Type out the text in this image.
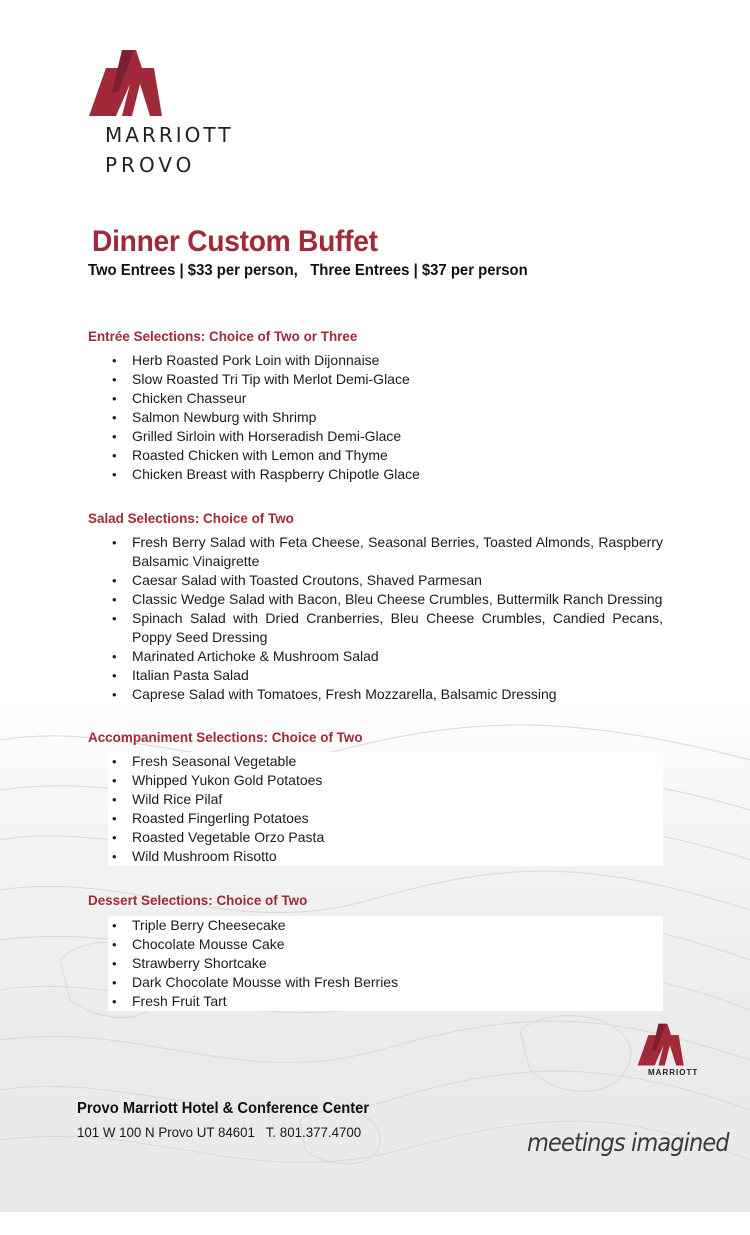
MARRIOTT
PROVO
Dinner Custom Buffet
Two Entrees | $33 per person,   Three Entrees | $37 per person
Entrée Selections: Choice of Two or Three
• Herb Roasted Pork Loin with Dijonnaise
• Slow Roasted Tri Tip with Merlot Demi-Glace
• Chicken Chasseur
• Salmon Newburg with Shrimp
• Grilled Sirloin with Horseradish Demi-Glace
• Roasted Chicken with Lemon and Thyme
• Chicken Breast with Raspberry Chipotle Glace
Salad Selections: Choice of Two
• Fresh Berry Salad with Feta Cheese, Seasonal Berries, Toasted Almonds, Raspberry Balsamic Vinaigrette
• Caesar Salad with Toasted Croutons, Shaved Parmesan
• Classic Wedge Salad with Bacon, Bleu Cheese Crumbles, Buttermilk Ranch Dressing
• Spinach Salad with Dried Cranberries, Bleu Cheese Crumbles, Candied Pecans, Poppy Seed Dressing
• Marinated Artichoke & Mushroom Salad
• Italian Pasta Salad
• Caprese Salad with Tomatoes, Fresh Mozzarella, Balsamic Dressing
Accompaniment Selections: Choice of Two
• Fresh Seasonal Vegetable
• Whipped Yukon Gold Potatoes
• Wild Rice Pilaf
• Roasted Fingerling Potatoes
• Roasted Vegetable Orzo Pasta
• Wild Mushroom Risotto
Dessert Selections: Choice of Two
• Triple Berry Cheesecake
• Chocolate Mousse Cake
• Strawberry Shortcake
• Dark Chocolate Mousse with Fresh Berries
• Fresh Fruit Tart
MARRIOTT
Provo Marriott Hotel & Conference Center
101 W 100 N Provo UT 84601   T. 801.377.4700	meetings imagined
